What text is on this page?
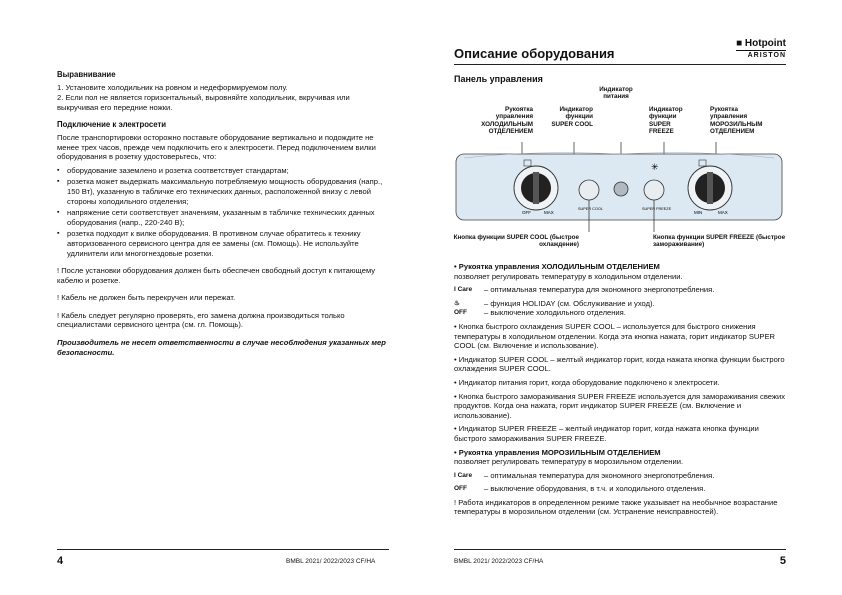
Выравнивание

1. Установите холодильник на ровном и недеформируемом полу.

2. Если пол не является горизонтальный, выровняйте холодильник, вкручивая или выкручивая его передние ножки.

Подключение к электросети

После транспортировки осторожно поставьте оборудование вертикально и подождите не менее трех часов, прежде чем подключить его к электросети. Перед подключением вилки оборудования в розетку удостоверьтесь, что:

▪ оборудование заземлено и розетка соответствует стандартам;
▪ розетка может выдержать максимальную потребляемую мощность оборудования (напр., 150 Вт), указанную в табличке его технических данных, расположенной внизу с левой стороны холодильного отделения;
▪ напряжение сети соответствует значениям, указанным в табличке технических данных оборудования (напр., 220-240 В);
▪ розетка подходит к вилке оборудования. В противном случае обратитесь к технику авторизованного сервисного центра для ее замены (см. Помощь). Не используйте удлинители или многогнездовые розетки.

! После установки оборудования должен быть обеспечен свободный доступ к питающему кабелю и розетке.

! Кабель не должен быть перекручен или пережат.

! Кабель следует регулярно проверять, его замена должна производиться только специалистами сервисного центра (см. гл. Помощь).

Производитель не несет ответственности в случае несоблюдения указанных мер безопасности.

4	BMBL 2021/ 2022/2023 CF/HA
Описание оборудования
■ Hotpoint
ARISTON
Панель управления
Индикатор питания
Рукоятка управления ХОЛОДИЛЬНЫМ ОТДЕЛЕНИЕМ
Индикатор функции SUPER COOL
Индикатор функции SUPER FREEZE
Рукоятка управления МОРОЗИЛЬНЫМ ОТДЕЛЕНИЕМ
OFF	MAX
SUPER COOL	SUPER FREEZE
✳
MIN	MAX
Кнопка функции SUPER COOL (быстрое охлаждение)
Кнопка функции SUPER FREEZE (быстрое замораживание)
• Рукоятка управления ХОЛОДИЛЬНЫМ ОТДЕЛЕНИЕМ

позволяет регулировать температуру в холодильном отделении.

I Care	– оптимальная температура для экономного энергопотребления.
♨	– функция HOLIDAY (см. Обслуживание и уход).
OFF	– выключение холодильного отделения.

• Кнопка быстрого охлаждения SUPER COOL – используется для быстрого снижения температуры в холодильном отделении. Когда эта кнопка нажата, горит индикатор SUPER COOL (см. Включение и использование).

• Индикатор SUPER COOL – желтый индикатор горит, когда нажата кнопка функции быстрого охлаждения SUPER COOL.

• Индикатор питания горит, когда оборудование подключено к электросети.

• Кнопка быстрого замораживания SUPER FREEZE используется для замораживания свежих продуктов. Когда она нажата, горит индикатор SUPER FREEZE (см. Включение и использование).

• Индикатор SUPER FREEZE – желтый индикатор горит, когда нажата кнопка функции быстрого замораживания SUPER FREEZE.

• Рукоятка управления МОРОЗИЛЬНЫМ ОТДЕЛЕНИЕМ

позволяет регулировать температуру в морозильном отделении.

I Care	– оптимальная температура для экономного энергопотребления.
OFF	– выключение оборудования, в т.ч. и холодильного отделения.

! Работа индикаторов в определенном режиме также указывает на необычное возрастание температуры в морозильном отделении (см. Устранение неисправностей).

BMBL 2021/ 2022/2023 CF/HA	5
